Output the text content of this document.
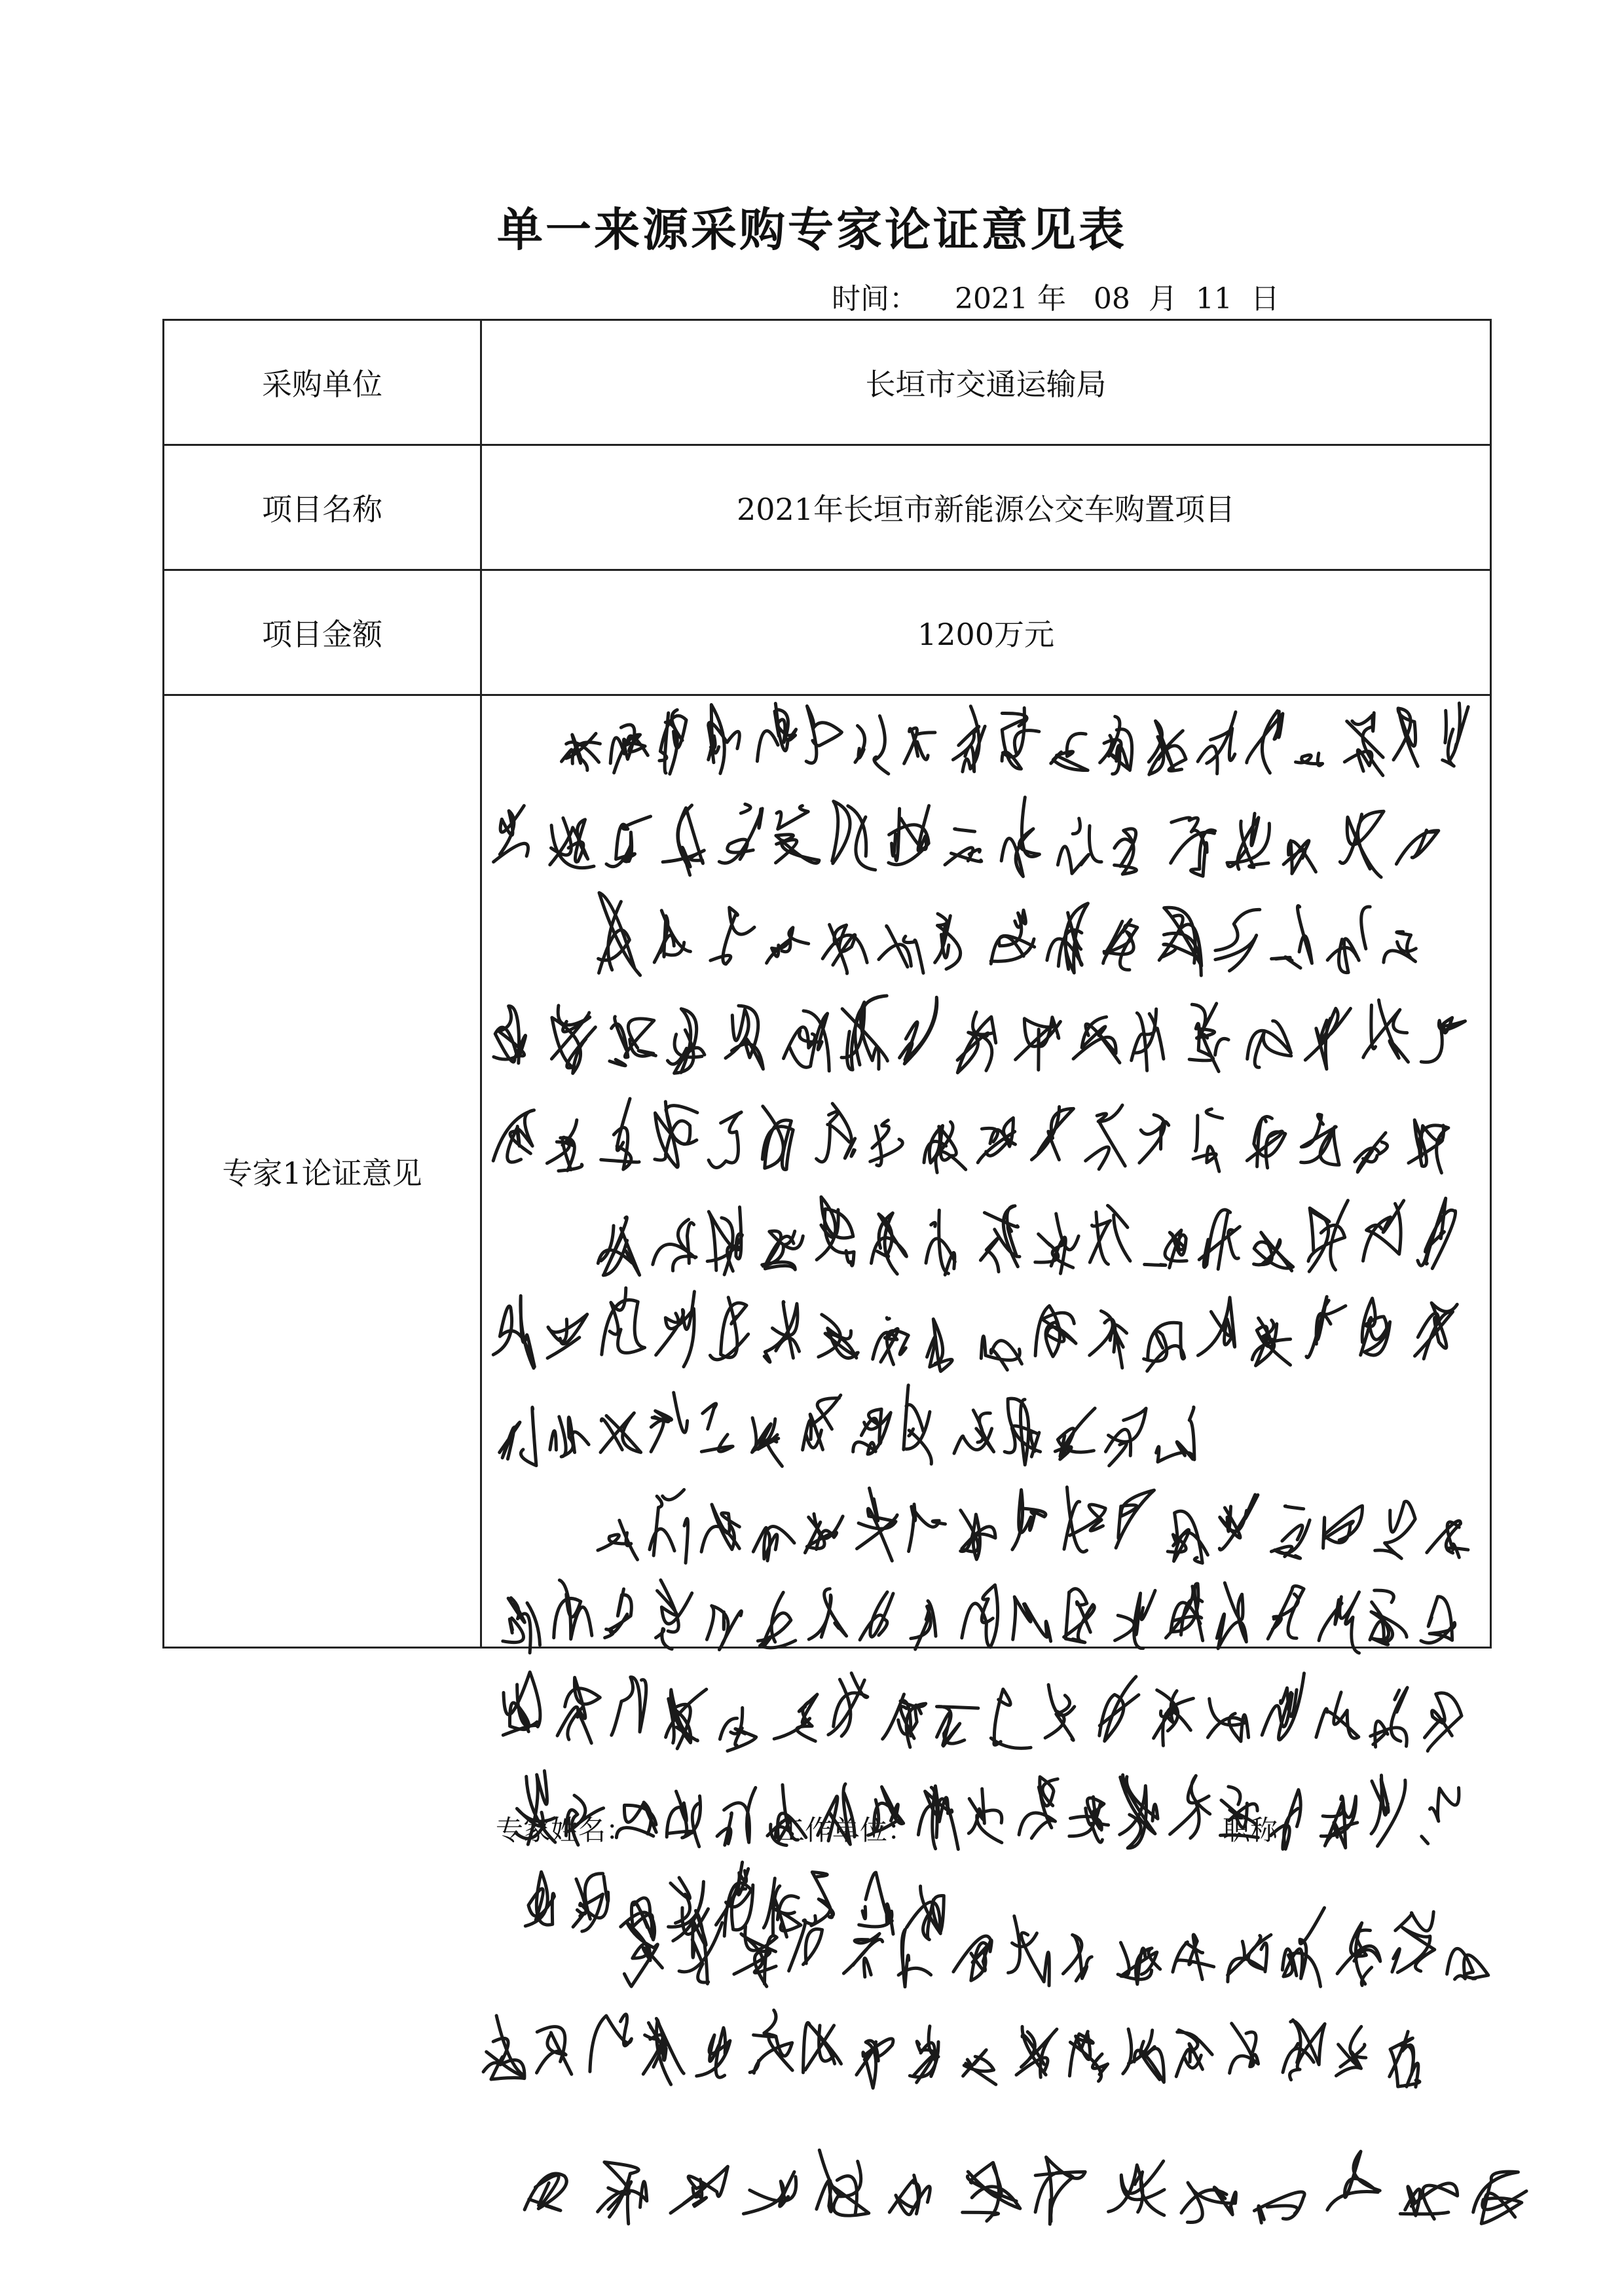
单一来源采购专家论证意见表
时间： 2021 年 08 月 11 日
采购单位	长垣市交通运输局
项目名称	2021年长垣市新能源公交车购置项目
项目金额	1200万元
专家1论证意见	
专家姓名：	工作单位：	职称：
